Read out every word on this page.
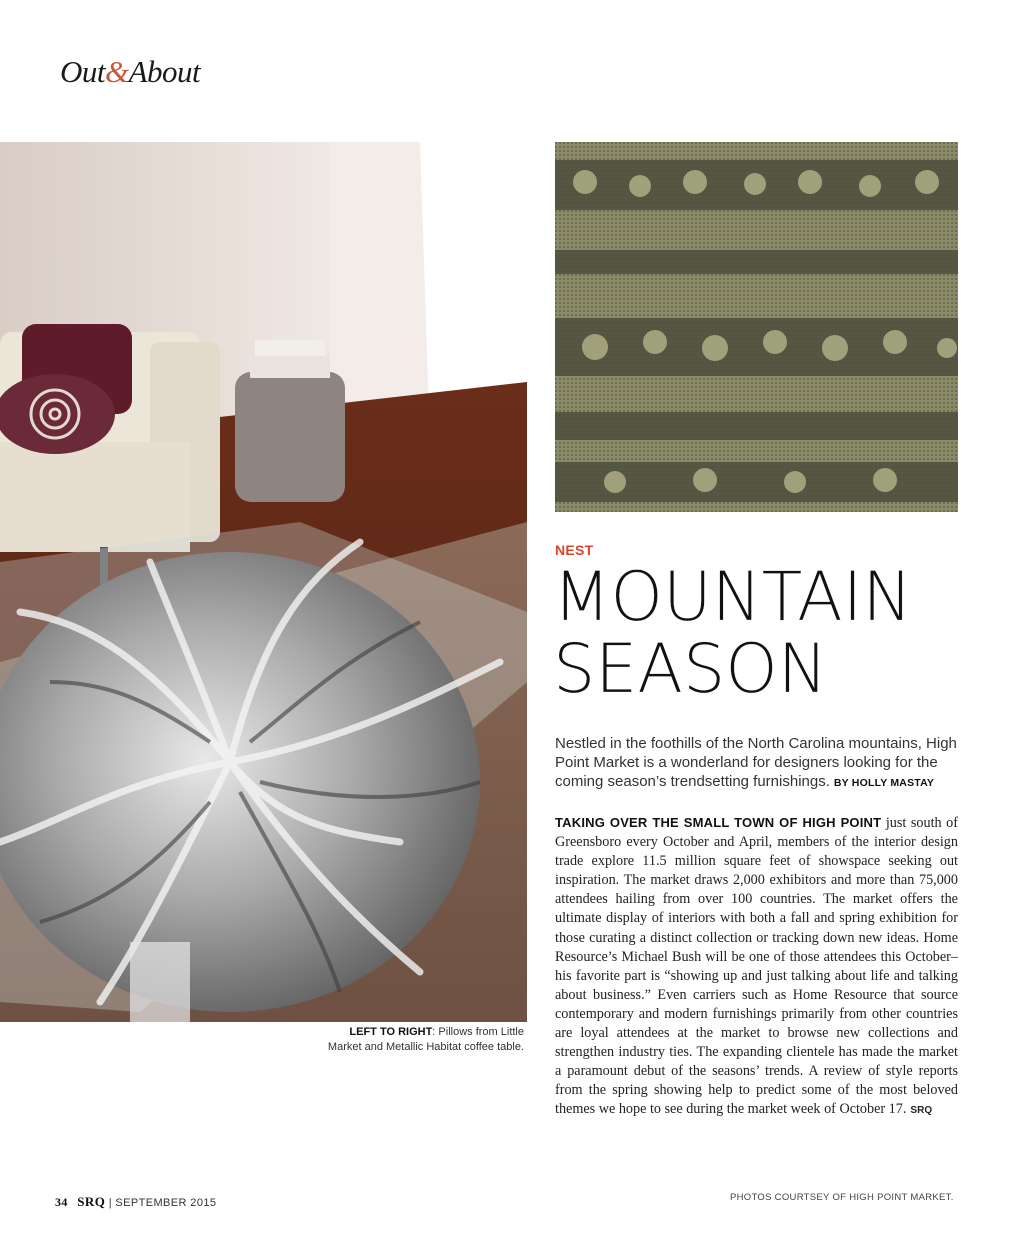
Out&About
LEFT TO RIGHT: Pillows from Little Market and Metallic Habitat coffee table.
NEST
MOUNTAIN
SEASON
Nestled in the foothills of the North Carolina mountains, High Point Market is a wonderland for designers looking for the coming season’s trendsetting furnishings. BY HOLLY MASTAY
TAKING OVER THE SMALL TOWN OF HIGH POINT just south of Greensboro every October and April, members of the interior design trade explore 11.5 million square feet of showspace seeking out inspiration. The market draws 2,000 exhibitors and more than 75,000 attendees hailing from over 100 countries. The market offers the ultimate display of interiors with both a fall and spring exhibition for those curating a distinct collection or tracking down new ideas. Home Resource’s Michael Bush will be one of those attendees this October–his favorite part is “showing up and just talking about life and talking about business.” Even carriers such as Home Resource that source contemporary and modern furnishings primarily from other countries are loyal attendees at the market to browse new collections and strengthen industry ties. The expanding clientele has made the market a paramount debut of the seasons’ trends. A review of style reports from the spring showing help to predict some of the most beloved themes we hope to see during the market week of October 17. SRQ
34 SRQ | SEPTEMBER 2015	PHOTOS COURTSEY OF HIGH POINT MARKET.
